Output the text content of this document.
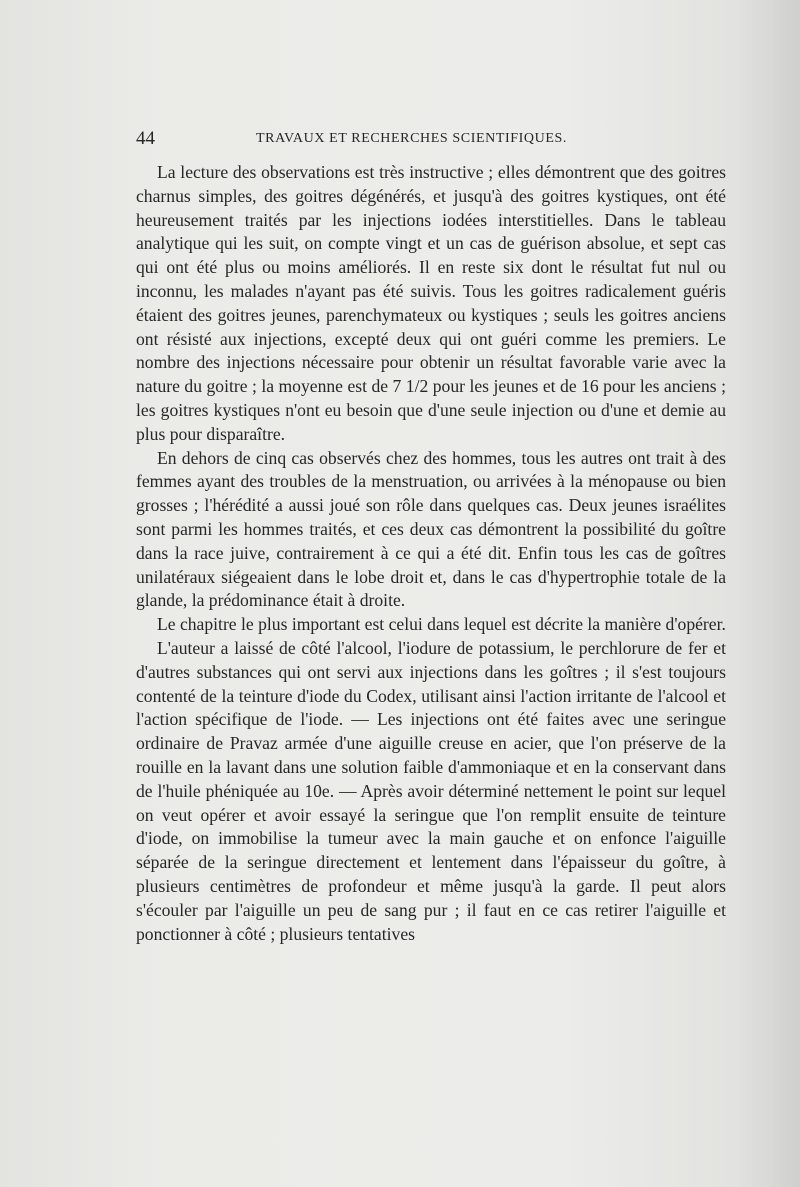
44	TRAVAUX ET RECHERCHES SCIENTIFIQUES.

La lecture des observations est très instructive ; elles démontrent que des goitres charnus simples, des goitres dégénérés, et jusqu'à des goitres kystiques, ont été heureusement traités par les injections iodées interstitielles. Dans le tableau analytique qui les suit, on compte vingt et un cas de guérison absolue, et sept cas qui ont été plus ou moins améliorés. Il en reste six dont le résultat fut nul ou inconnu, les malades n'ayant pas été suivis. Tous les goitres radicalement guéris étaient des goitres jeunes, parenchymateux ou kystiques ; seuls les goitres anciens ont résisté aux injections, excepté deux qui ont guéri comme les premiers. Le nombre des injections nécessaire pour obtenir un résultat favorable varie avec la nature du goitre ; la moyenne est de 7 1/2 pour les jeunes et de 16 pour les anciens ; les goitres kystiques n'ont eu besoin que d'une seule injection ou d'une et demie au plus pour disparaître.

En dehors de cinq cas observés chez des hommes, tous les autres ont trait à des femmes ayant des troubles de la menstruation, ou arrivées à la ménopause ou bien grosses ; l'hérédité a aussi joué son rôle dans quelques cas. Deux jeunes israélites sont parmi les hommes traités, et ces deux cas démontrent la possibilité du goître dans la race juive, contrairement à ce qui a été dit. Enfin tous les cas de goîtres unilatéraux siégeaient dans le lobe droit et, dans le cas d'hypertrophie totale de la glande, la prédominance était à droite.

Le chapitre le plus important est celui dans lequel est décrite la manière d'opérer.

L'auteur a laissé de côté l'alcool, l'iodure de potassium, le perchlorure de fer et d'autres substances qui ont servi aux injections dans les goîtres ; il s'est toujours contenté de la teinture d'iode du Codex, utilisant ainsi l'action irritante de l'alcool et l'action spécifique de l'iode. — Les injections ont été faites avec une seringue ordinaire de Pravaz armée d'une aiguille creuse en acier, que l'on préserve de la rouille en la lavant dans une solution faible d'ammoniaque et en la conservant dans de l'huile phéniquée au 10e. — Après avoir déterminé nettement le point sur lequel on veut opérer et avoir essayé la seringue que l'on remplit ensuite de teinture d'iode, on immobilise la tumeur avec la main gauche et on enfonce l'aiguille séparée de la seringue directement et lentement dans l'épaisseur du goître, à plusieurs centimètres de profondeur et même jusqu'à la garde. Il peut alors s'écouler par l'aiguille un peu de sang pur ; il faut en ce cas retirer l'aiguille et ponctionner à côté ; plusieurs tentatives
